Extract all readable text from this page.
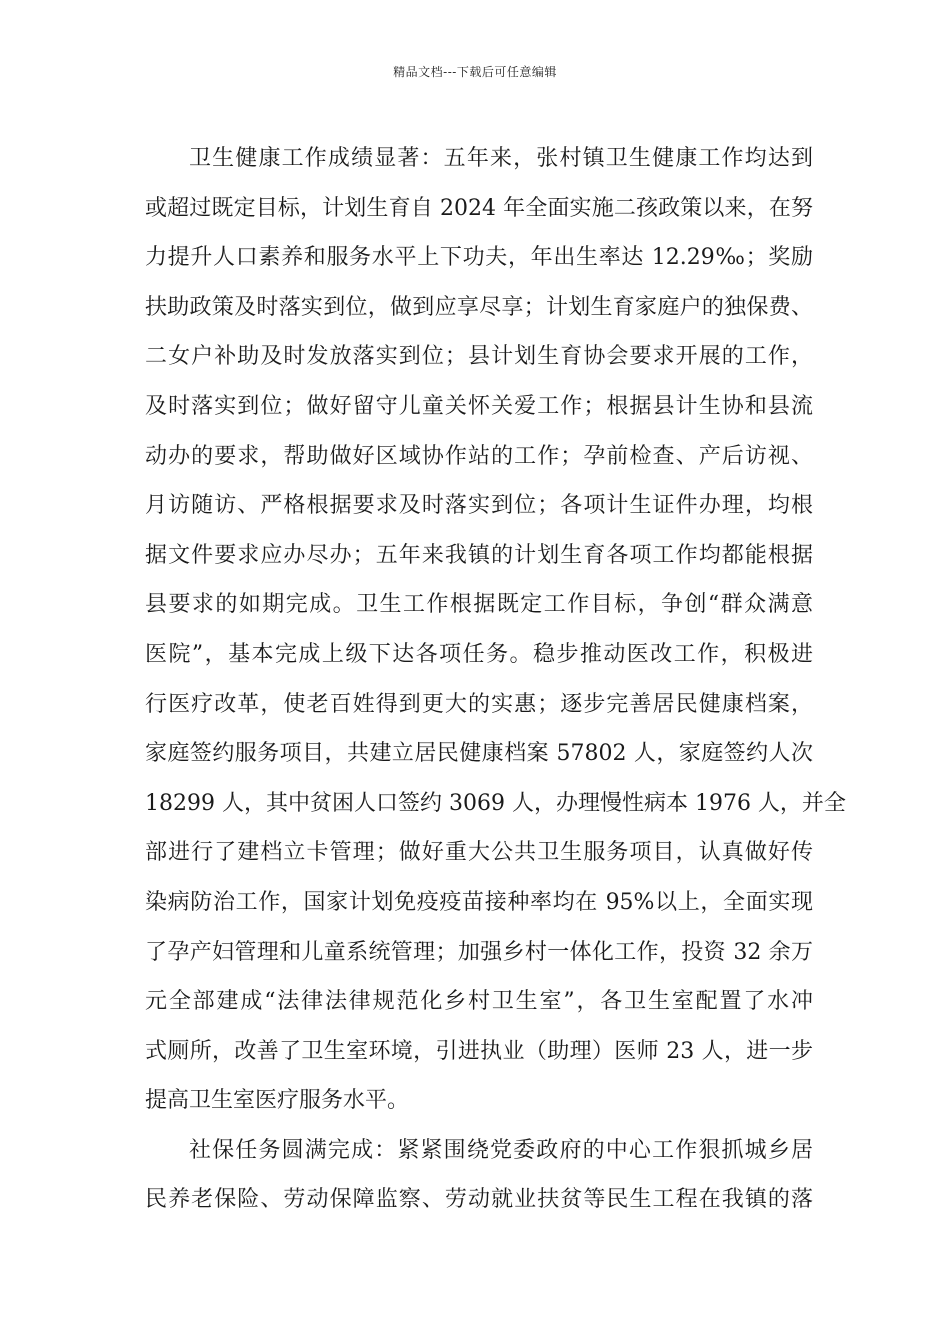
精品文档---下载后可任意编辑
卫生健康工作成绩显著：五年来，张村镇卫生健康工作均达到
或超过既定目标，计划生育自 2024 年全面实施二孩政策以来，在努
力提升人口素养和服务水平上下功夫，年出生率达 12.29‰；奖励
扶助政策及时落实到位，做到应享尽享；计划生育家庭户的独保费、
二女户补助及时发放落实到位；县计划生育协会要求开展的工作，
及时落实到位；做好留守儿童关怀关爱工作；根据县计生协和县流
动办的要求，帮助做好区域协作站的工作；孕前检查、产后访视、
月访随访、严格根据要求及时落实到位；各项计生证件办理，均根
据文件要求应办尽办；五年来我镇的计划生育各项工作均都能根据
县要求的如期完成。卫生工作根据既定工作目标，争创“群众满意
医院”，基本完成上级下达各项任务。稳步推动医改工作，积极进
行医疗改革，使老百姓得到更大的实惠；逐步完善居民健康档案，
家庭签约服务项目，共建立居民健康档案 57802 人，家庭签约人次
18299 人，其中贫困人口签约 3069 人，办理慢性病本 1976 人，并全
部进行了建档立卡管理；做好重大公共卫生服务项目，认真做好传
染病防治工作，国家计划免疫疫苗接种率均在 95%以上，全面实现
了孕产妇管理和儿童系统管理；加强乡村一体化工作，投资 32 余万
元全部建成“法律法律规范化乡村卫生室”，各卫生室配置了水冲
式厕所，改善了卫生室环境，引进执业（助理）医师 23 人，进一步
提高卫生室医疗服务水平。
社保任务圆满完成：紧紧围绕党委政府的中心工作狠抓城乡居
民养老保险、劳动保障监察、劳动就业扶贫等民生工程在我镇的落
